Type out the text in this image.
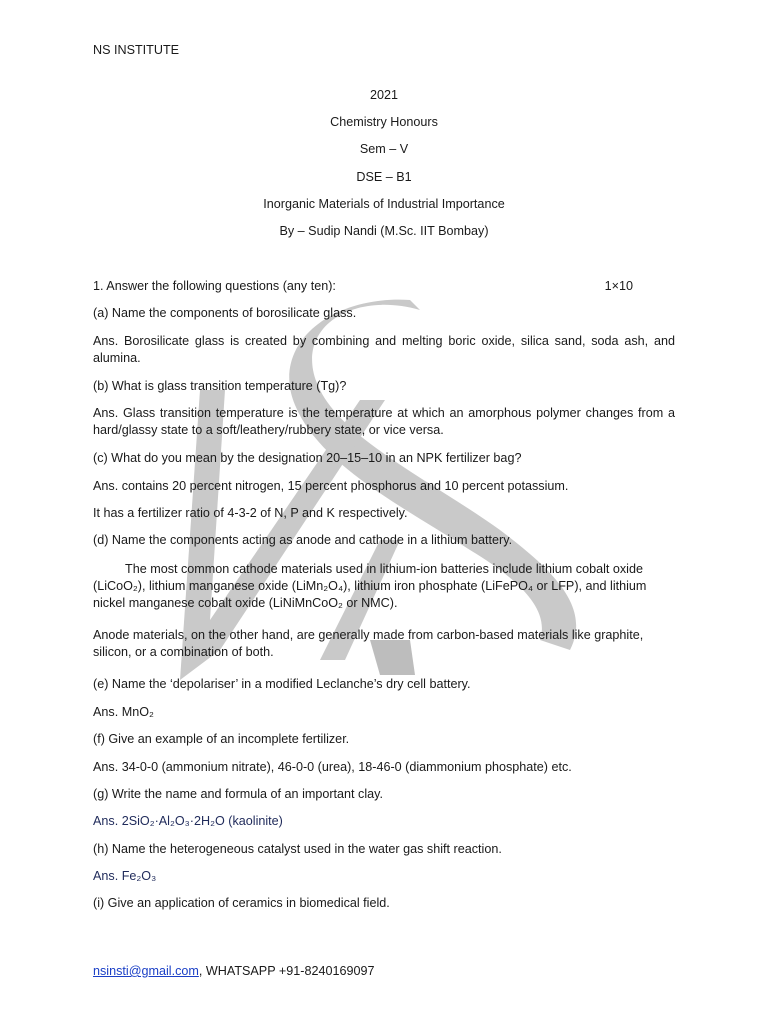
NS INSTITUTE
2021
Chemistry Honours
Sem – V
DSE – B1
Inorganic Materials of Industrial Importance
By – Sudip Nandi (M.Sc. IIT Bombay)
1. Answer the following questions (any ten):	1×10
(a) Name the components of borosilicate glass.
Ans. Borosilicate glass is created by combining and melting boric oxide, silica sand, soda ash, and alumina.
(b) What is glass transition temperature (Tg)?
Ans. Glass transition temperature is the temperature at which an amorphous polymer changes from a hard/glassy state to a soft/leathery/rubbery state, or vice versa.
(c) What do you mean by the designation 20–15–10 in an NPK fertilizer bag?
Ans. contains 20 percent nitrogen, 15 percent phosphorus and 10 percent potassium.
It has a fertilizer ratio of 4-3-2 of N, P and K respectively.
(d) Name the components acting as anode and cathode in a lithium battery.
The most common cathode materials used in lithium-ion batteries include lithium cobalt oxide (LiCoO₂), lithium manganese oxide (LiMn₂O₄), lithium iron phosphate (LiFePO₄ or LFP), and lithium nickel manganese cobalt oxide (LiNiMnCoO₂ or NMC).
Anode materials, on the other hand, are generally made from carbon-based materials like graphite, silicon, or a combination of both.
(e) Name the ‘depolariser’ in a modified Leclanche’s dry cell battery.
Ans. MnO₂
(f) Give an example of an incomplete fertilizer.
Ans. 34-0-0 (ammonium nitrate), 46-0-0 (urea), 18-46-0 (diammonium phosphate) etc.
(g) Write the name and formula of an important clay.
Ans. 2SiO₂·Al₂O₃·2H₂O (kaolinite)
(h) Name the heterogeneous catalyst used in the water gas shift reaction.
Ans. Fe₂O₃
(i) Give an application of ceramics in biomedical field.
nsinsti@gmail.com, WHATSAPP +91-8240169097
